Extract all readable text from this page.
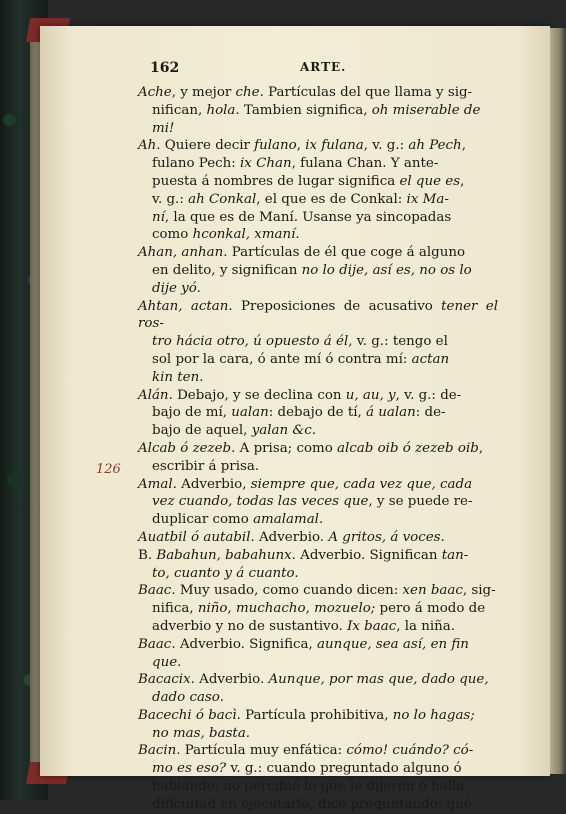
162	ARTE.
126

Ache, y mejor che. Partículas del que llama y sig-
nifican, hola. Tambien significa, oh miserable de
mi!

Ah. Quiere decir fulano, ix fulana, v. g.: ah Pech,
fulano Pech: ix Chan, fulana Chan. Y ante-
puesta á nombres de lugar significa el que es,
v. g.: ah Conkal, el que es de Conkal: ix Ma-
ní, la que es de Maní. Usanse ya sincopadas
como hconkal, xmaní.

Ahan, anhan. Partículas de él que coge á alguno
en delito, y significan no lo dije, así es, no os lo
dije yó.

Ahtan, actan. Preposiciones de acusativo tener el ros-
tro hácia otro, ú opuesto á él, v. g.: tengo el
sol por la cara, ó ante mí ó contra mí: actan
kin ten.

Alán. Debajo, y se declina con u, au, y, v. g.: de-
bajo de mí, ualan: debajo de tí, á ualan: de-
bajo de aquel, yalan &c.

Alcab ó zezeb. A prisa; como alcab oib ó zezeb oib,
escribir á prisa.

Amal. Adverbio, siempre que, cada vez que, cada
vez cuando, todas las veces que, y se puede re-
duplicar como amalamal.

Auatbil ó autabil. Adverbio. A gritos, á voces.

B. Babahun, babahunx. Adverbio. Significan tan-
to, cuanto y á cuanto.

Baac. Muy usado, como cuando dicen: xen baac, sig-
nifica, niño, muchacho, mozuelo; pero á modo de
adverbio y no de sustantivo. Ix baac, la niña.

Baac. Adverbio. Significa, aunque, sea así, en fin
que.

Bacacix. Adverbio. Aunque, por mas que, dado que,
dado caso.

Bacechi ó bacì. Partícula prohibitiva, no lo hagas;
no mas, basta.

Bacin. Partícula muy enfática: cómo! cuándo? có-
mo es eso? v. g.: cuando preguntado alguno ó
hablando, no percibió lo que le dijeron ó halla
dificultad en ejecutarlo, dice preguntando: qué
